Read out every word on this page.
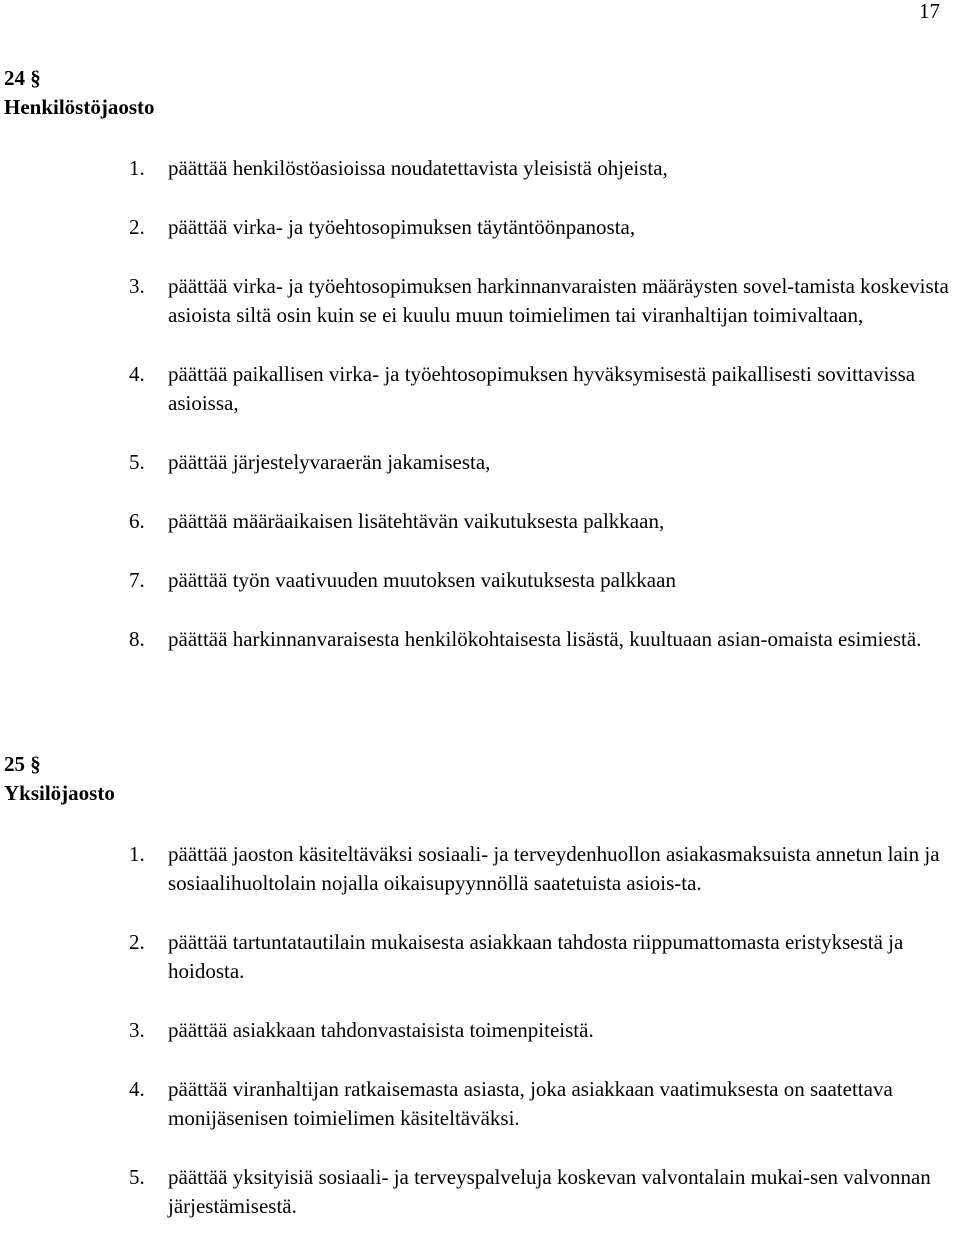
17
24 §
Henkilöstöjaosto
1.	päättää henkilöstöasioissa noudatettavista yleisistä ohjeista,
2.	päättää virka- ja työehtosopimuksen täytäntöönpanosta,
3.	päättää virka- ja työehtosopimuksen harkinnanvaraisten määräysten sovel-tamista koskevista asioista siltä osin kuin se ei kuulu muun toimielimen tai viranhaltijan toimivaltaan,
4.	päättää paikallisen virka- ja työehtosopimuksen hyväksymisestä paikallisesti sovittavissa asioissa,
5.	päättää järjestelyvaraerän jakamisesta,
6.	päättää määräaikaisen lisätehtävän vaikutuksesta palkkaan,
7.	päättää työn vaativuuden muutoksen vaikutuksesta palkkaan
8.	päättää harkinnanvaraisesta henkilökohtaisesta lisästä, kuultuaan asian-omaista esimiestä.
25 §
Yksilöjaosto
1.	päättää jaoston käsiteltäväksi sosiaali- ja terveydenhuollon asiakasmaksuista annetun lain ja sosiaalihuoltolain nojalla oikaisupyynnöllä saatetuista asiois-ta.
2.	päättää tartuntatautilain mukaisesta asiakkaan tahdosta riippumattomasta eristyksestä ja hoidosta.
3.	päättää asiakkaan tahdonvastaisista toimenpiteistä.
4.	päättää viranhaltijan ratkaisemasta asiasta, joka asiakkaan vaatimuksesta on saatettava monijäsenisen toimielimen käsiteltäväksi.
5.	päättää yksityisiä sosiaali- ja terveyspalveluja koskevan valvontalain mukai-sen valvonnan järjestämisestä.
